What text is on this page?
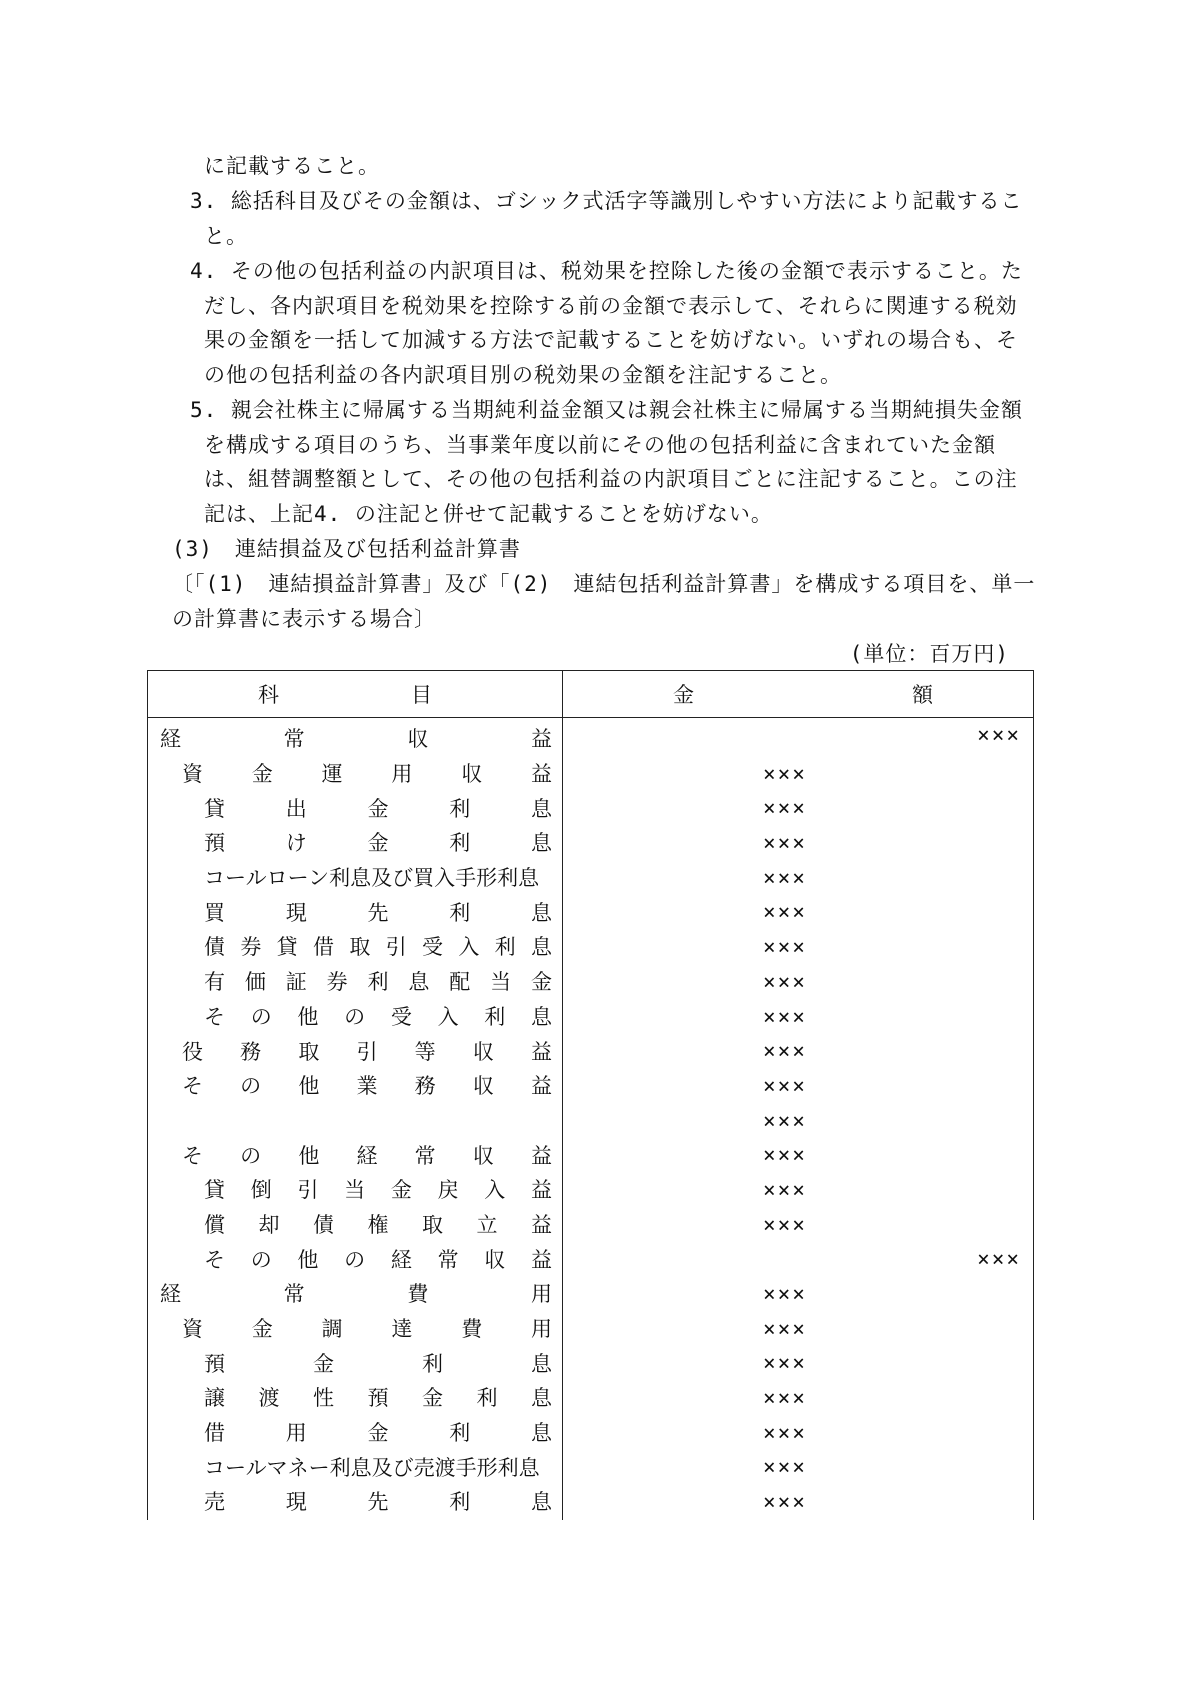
に記載すること。
3. 総括科目及びその金額は、ゴシック式活字等識別しやすい方法により記載するこ
と。
4. その他の包括利益の内訳項目は、税効果を控除した後の金額で表示すること。た
だし、各内訳項目を税効果を控除する前の金額で表示して、それらに関連する税効
果の金額を一括して加減する方法で記載することを妨げない。いずれの場合も、そ
の他の包括利益の各内訳項目別の税効果の金額を注記すること。
5. 親会社株主に帰属する当期純利益金額又は親会社株主に帰属する当期純損失金額
を構成する項目のうち、当事業年度以前にその他の包括利益に含まれていた金額
は、組替調整額として、その他の包括利益の内訳項目ごとに注記すること。この注
記は、上記4. の注記と併せて記載することを妨げない。
(3)　連結損益及び包括利益計算書
〔「(1)　連結損益計算書」及び「(2)　連結包括利益計算書」を構成する項目を、単一
の計算書に表示する場合〕
(単位：百万円)
科目	金額

経常収益	×××

資金運用収益	×××

貸出金利息	×××

預け金利息	×××

コールローン利息及び買入手形利息	×××

買現先利息	×××

債券貸借取引受入利息	×××

有価証券利息配当金	×××

その他の受入利息	×××

役務取引等収益	×××

その他業務収益	×××

	×××

その他経常収益	×××

貸倒引当金戻入益	×××

償却債権取立益	×××

その他の経常収益	×××

経常費用	×××

資金調達費用	×××

預金利息	×××

譲渡性預金利息	×××

借用金利息	×××

コールマネー利息及び売渡手形利息	×××

売現先利息	×××
